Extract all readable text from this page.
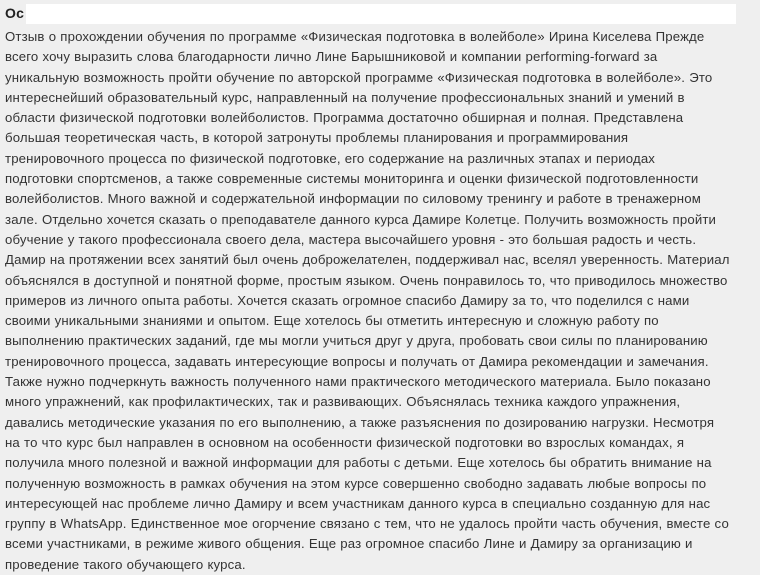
Ос
Отзыв о прохождении обучения по программе «Физическая подготовка в волейболе» Ирина Киселева Прежде
всего хочу выразить слова благодарности лично Лине Барышниковой и компании performing-forward за
уникальную возможность пройти обучение по авторской программе «Физическая подготовка в волейболе». Это
интереснейший образовательный курс, направленный на получение профессиональных знаний и умений в
области физической подготовки волейболистов. Программа достаточно обширная и полная. Представлена
большая теоретическая часть, в которой затронуты проблемы планирования и программирования
тренировочного процесса по физической подготовке, его содержание на различных этапах и периодах
подготовки спортсменов, а также современные системы мониторинга и оценки физической подготовленности
волейболистов. Много важной и содержательной информации по силовому тренингу и работе в тренажерном
зале. Отдельно хочется сказать о преподавателе данного курса Дамире Колетце. Получить возможность пройти
обучение у такого профессионала своего дела, мастера высочайшего уровня - это большая радость и честь.
Дамир на протяжении всех занятий был очень доброжелателен, поддерживал нас, вселял уверенность. Материал
объяснялся в доступной и понятной форме, простым языком. Очень понравилось то, что приводилось множество
примеров из личного опыта работы. Хочется сказать огромное спасибо Дамиру за то, что поделился с нами
своими уникальными знаниями и опытом. Еще хотелось бы отметить интересную и сложную работу по
выполнению практических заданий, где мы могли учиться друг у друга, пробовать свои силы по планированию
тренировочного процесса, задавать интересующие вопросы и получать от Дамира рекомендации и замечания.
Также нужно подчеркнуть важность полученного нами практического методического материала. Было показано
много упражнений, как профилактических, так и развивающих. Объяснялась техника каждого упражнения,
давались методические указания по его выполнению, а также разъяснения по дозированию нагрузки. Несмотря
на то что курс был направлен в основном на особенности физической подготовки во взрослых командах, я
получила много полезной и важной информации для работы с детьми. Еще хотелось бы обратить внимание на
полученную возможность в рамках обучения на этом курсе совершенно свободно задавать любые вопросы по
интересующей нас проблеме лично Дамиру и всем участникам данного курса в специально созданную для нас
группу в WhatsApp. Единственное мое огорчение связано с тем, что не удалось пройти часть обучения, вместе со
всеми участниками, в режиме живого общения. Еще раз огромное спасибо Лине и Дамиру за организацию и
проведение такого обучающего курса.
